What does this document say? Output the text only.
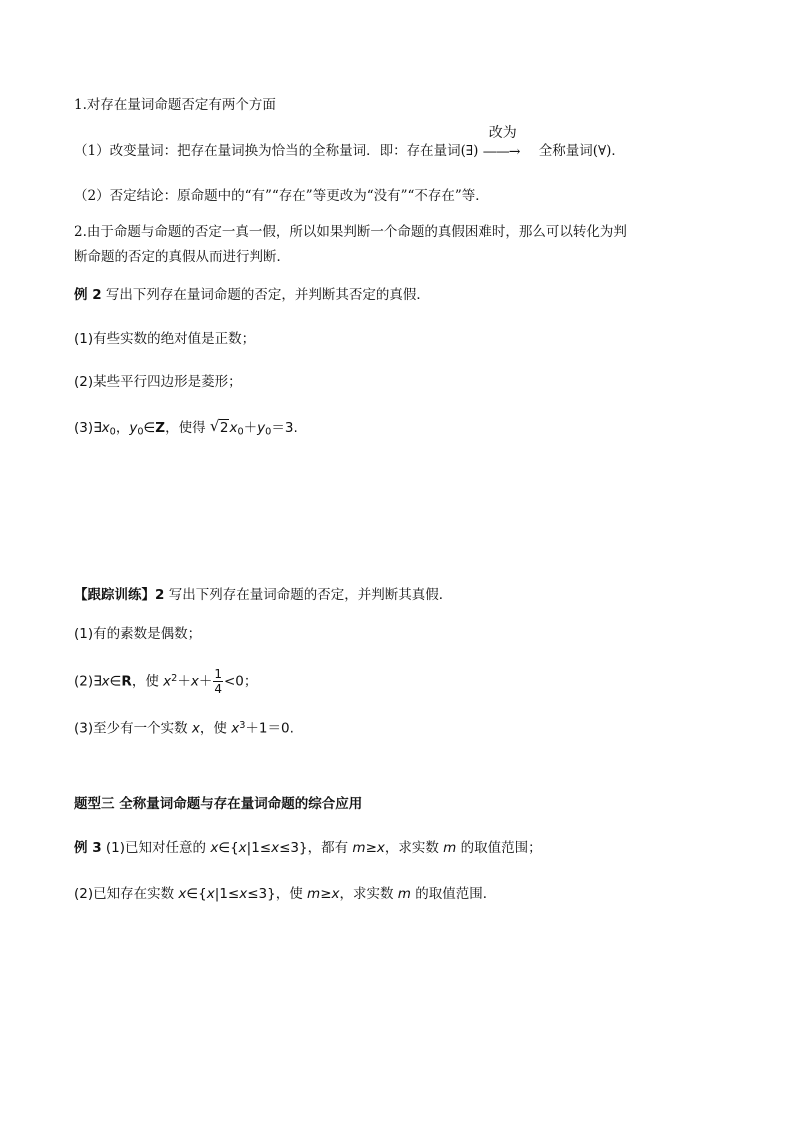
1.对存在量词命题否定有两个方面
（1）改变量词：把存在量词换为恰当的全称量词．即：存在量词(∃)
改为
——→ 全称量词(∀)．
（2）否定结论：原命题中的“有”“存在”等更改为“没有”“不存在”等．
2.由于命题与命题的否定一真一假，所以如果判断一个命题的真假困难时，那么可以转化为判
断命题的否定的真假从而进行判断．
例 2 写出下列存在量词命题的否定，并判断其否定的真假．
(1)有些实数的绝对值是正数；
(2)某些平行四边形是菱形；
$(3)\exists x_0$，$y_0\in Z$，使得 √ $2x_0+y_0=3$.
【跟踪训练】2 写出下列存在量词命题的否定，并判断其真假．
(1)有的素数是偶数；
(2)∃x∈R，使 $x^2+x+ \frac{1}{4} <0$；
(3)至少有一个实数 x，使 $x^3+1=0$.
题型三 全称量词命题与存在量词命题的综合应用
例 3 (1)已知对任意的 x∈{x|1≤x≤3}，都有 m≥x，求实数 m 的取值范围；
(2)已知存在实数 x∈{x|1≤x≤3}，使 m≥x，求实数 m 的取值范围．
